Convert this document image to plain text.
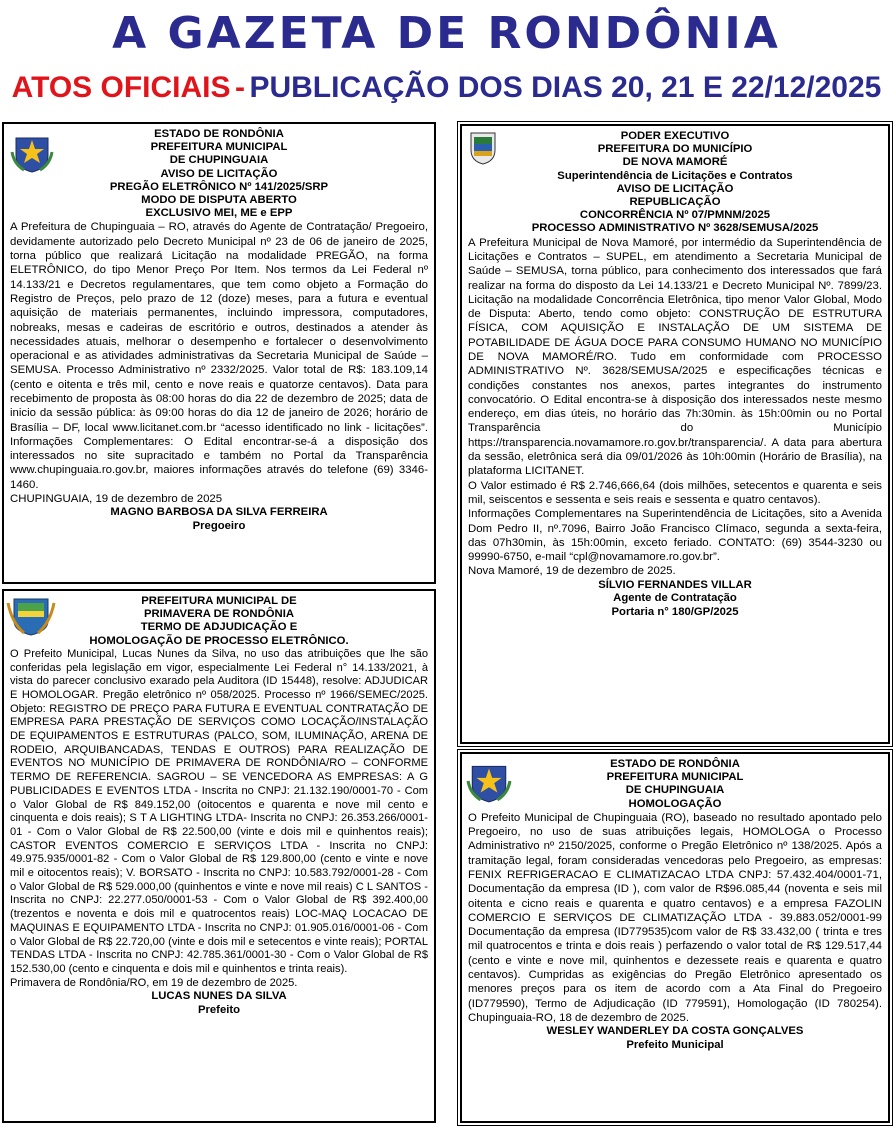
A GAZETA DE RONDÔNIA
ATOS OFICIAIS - PUBLICAÇÃO DOS DIAS 20, 21 E 22/12/2025
ESTADO DE RONDÔNIA
PREFEITURA MUNICIPAL
DE CHUPINGUAIA
AVISO DE LICITAÇÃO
PREGÃO ELETRÔNICO Nº 141/2025/SRP
MODO DE DISPUTA ABERTO
EXCLUSIVO MEI, ME e EPP
A Prefeitura de Chupinguaia – RO, através do Agente de Contratação/ Pregoeiro, devidamente autorizado pelo Decreto Municipal nº 23 de 06 de janeiro de 2025, torna público que realizará Licitação na modalidade PREGÃO, na forma ELETRÔNICO, do tipo Menor Preço Por Item. Nos termos da Lei Federal nº 14.133/21 e Decretos regulamentares, que tem como objeto a Formação do Registro de Preços, pelo prazo de 12 (doze) meses, para a futura e eventual aquisição de materiais permanentes, incluindo impressora, computadores, nobreaks, mesas e cadeiras de escritório e outros, destinados a atender às necessidades atuais, melhorar o desempenho e fortalecer o desenvolvimento operacional e as atividades administrativas da Secretaria Municipal de Saúde – SEMUSA. Processo Administrativo nº 2332/2025. Valor total de R$: 183.109,14 (cento e oitenta e três mil, cento e nove reais e quatorze centavos). Data para recebimento de proposta às 08:00 horas do dia 22 de dezembro de 2025; data de inicio da sessão pública: às 09:00 horas do dia 12 de janeiro de 2026; horário de Brasília – DF, local www.licitanet.com.br “acesso identificado no link - licitações”. Informações Complementares: O Edital encontrar-se-á a disposição dos interessados no site supracitado e também no Portal da Transparência www.chupinguaia.ro.gov.br, maiores informações através do telefone (69) 3346-1460.
CHUPINGUAIA, 19 de dezembro de 2025
MAGNO BARBOSA DA SILVA FERREIRA
Pregoeiro
PREFEITURA MUNICIPAL DE
PRIMAVERA DE RONDÔNIA
TERMO DE ADJUDICAÇÃO E
HOMOLOGAÇÃO DE PROCESSO ELETRÔNICO.
O Prefeito Municipal, Lucas Nunes da Silva, no uso das atribuições que lhe são conferidas pela legislação em vigor, especialmente Lei Federal n° 14.133/2021, à vista do parecer conclusivo exarado pela Auditora (ID 15448), resolve: ADJUDICAR E HOMOLOGAR. Pregão eletrônico nº 058/2025. Processo nº 1966/SEMEC/2025. Objeto: REGISTRO DE PREÇO PARA FUTURA E EVENTUAL CONTRATAÇÃO DE EMPRESA PARA PRESTAÇÃO DE SERVIÇOS COMO LOCAÇÃO/INSTALAÇÃO DE EQUIPAMENTOS E ESTRUTURAS (PALCO, SOM, ILUMINAÇÃO, ARENA DE RODEIO, ARQUIBANCADAS, TENDAS E OUTROS) PARA REALIZAÇÃO DE EVENTOS NO MUNICÍPIO DE PRIMAVERA DE RONDÔNIA/RO – CONFORME TERMO DE REFERENCIA. SAGROU – SE VENCEDORA AS EMPRESAS: A G PUBLICIDADES E EVENTOS LTDA - Inscrita no CNPJ: 21.132.190/0001-70 - Com o Valor Global de R$ 849.152,00 (oitocentos e quarenta e nove mil cento e cinquenta e dois reais); S T A LIGHTING LTDA- Inscrita no CNPJ: 26.353.266/0001-01 - Com o Valor Global de R$ 22.500,00 (vinte e dois mil e quinhentos reais); CASTOR EVENTOS COMERCIO E SERVIÇOS LTDA - Inscrita no CNPJ: 49.975.935/0001-82 - Com o Valor Global de R$ 129.800,00 (cento e vinte e nove mil e oitocentos reais); V. BORSATO - Inscrita no CNPJ: 10.583.792/0001-28 - Com o Valor Global de R$ 529.000,00 (quinhentos e vinte e nove mil reais) C L SANTOS - Inscrita no CNPJ: 22.277.050/0001-53 - Com o Valor Global de R$ 392.400,00 (trezentos e noventa e dois mil e quatrocentos reais) LOC-MAQ LOCACAO DE MAQUINAS E EQUIPAMENTO LTDA - Inscrita no CNPJ: 01.905.016/0001-06 - Com o Valor Global de R$ 22.720,00 (vinte e dois mil e setecentos e vinte reais); PORTAL TENDAS LTDA - Inscrita no CNPJ: 42.785.361/0001-30 - Com o Valor Global de R$ 152.530,00 (cento e cinquenta e dois mil e quinhentos e trinta reais).
Primavera de Rondônia/RO, em 19 de dezembro de 2025.
LUCAS NUNES DA SILVA
Prefeito
PODER EXECUTIVO
PREFEITURA DO MUNICÍPIO
DE NOVA MAMORÉ
Superintendência de Licitações e Contratos
AVISO DE LICITAÇÃO
REPUBLICAÇÃO
CONCORRÊNCIA Nº 07/PMNM/2025
PROCESSO ADMINISTRATIVO Nº 3628/SEMUSA/2025
A Prefeitura Municipal de Nova Mamoré, por intermédio da Superintendência de Licitações e Contratos – SUPEL, em atendimento a Secretaria Municipal de Saúde – SEMUSA, torna público, para conhecimento dos interessados que fará realizar na forma do disposto da Lei 14.133/21 e Decreto Municipal Nº. 7899/23. Licitação na modalidade Concorrência Eletrônica, tipo menor Valor Global, Modo de Disputa: Aberto, tendo como objeto: CONSTRUÇÃO DE ESTRUTURA FÍSICA, COM AQUISIÇÃO E INSTALAÇÃO DE UM SISTEMA DE POTABILIDADE DE ÁGUA DOCE PARA CONSUMO HUMANO NO MUNICÍPIO DE NOVA MAMORÉ/RO. Tudo em conformidade com PROCESSO ADMINISTRATIVO Nº. 3628/SEMUSA/2025 e especificações técnicas e condições constantes nos anexos, partes integrantes do instrumento convocatório. O Edital encontra-se à disposição dos interessados neste mesmo endereço, em dias úteis, no horário das 7h:30min. às 15h:00min ou no Portal Transparência do Município https://transparencia.novamamore.ro.gov.br/transparencia/. A data para abertura da sessão, eletrônica será dia 09/01/2026 às 10h:00min (Horário de Brasília), na plataforma LICITANET.
O Valor estimado é R$ 2.746,666,64 (dois milhões, setecentos e quarenta e seis mil, seiscentos e sessenta e seis reais e sessenta e quatro centavos).
Informações Complementares na Superintendência de Licitações, sito a Avenida Dom Pedro II, nº.7096, Bairro João Francisco Clímaco, segunda a sexta-feira, das 07h30min, às 15h:00min, exceto feriado. CONTATO: (69) 3544-3230 ou 99990-6750, e-mail “cpl@novamamore.ro.gov.br”.
Nova Mamoré, 19 de dezembro de 2025.
SÍLVIO FERNANDES VILLAR
Agente de Contratação
Portaria n° 180/GP/2025
ESTADO DE RONDÔNIA
PREFEITURA MUNICIPAL
DE CHUPINGUAIA
HOMOLOGAÇÃO
O Prefeito Municipal de Chupinguaia (RO), baseado no resultado apontado pelo Pregoeiro, no uso de suas atribuições legais, HOMOLOGA o Processo Administrativo nº 2150/2025, conforme o Pregão Eletrônico nº 138/2025. Após a tramitação legal, foram consideradas vencedoras pelo Pregoeiro, as empresas: FENIX REFRIGERACAO E CLIMATIZACAO LTDA CNPJ: 57.432.404/0001-71, Documentação da empresa (ID ), com valor de R$96.085,44 (noventa e seis mil oitenta e cicno reais e quarenta e quatro centavos) e a empresa FAZOLIN COMERCIO E SERVIÇOS DE CLIMATIZAÇÃO LTDA - 39.883.052/0001-99 Documentação da empresa (ID779535)com valor de R$ 33.432,00 ( trinta e tres mil quatrocentos e trinta e dois reais ) perfazendo o valor total de R$ 129.517,44 (cento e vinte e nove mil, quinhentos e dezessete reais e quarenta e quatro centavos). Cumpridas as exigências do Pregão Eletrônico apresentado os menores preços para os item de acordo com a Ata Final do Pregoeiro (ID779590), Termo de Adjudicação (ID 779591), Homologação (ID 780254). Chupinguaia-RO, 18 de dezembro de 2025.
WESLEY WANDERLEY DA COSTA GONÇALVES
Prefeito Municipal
